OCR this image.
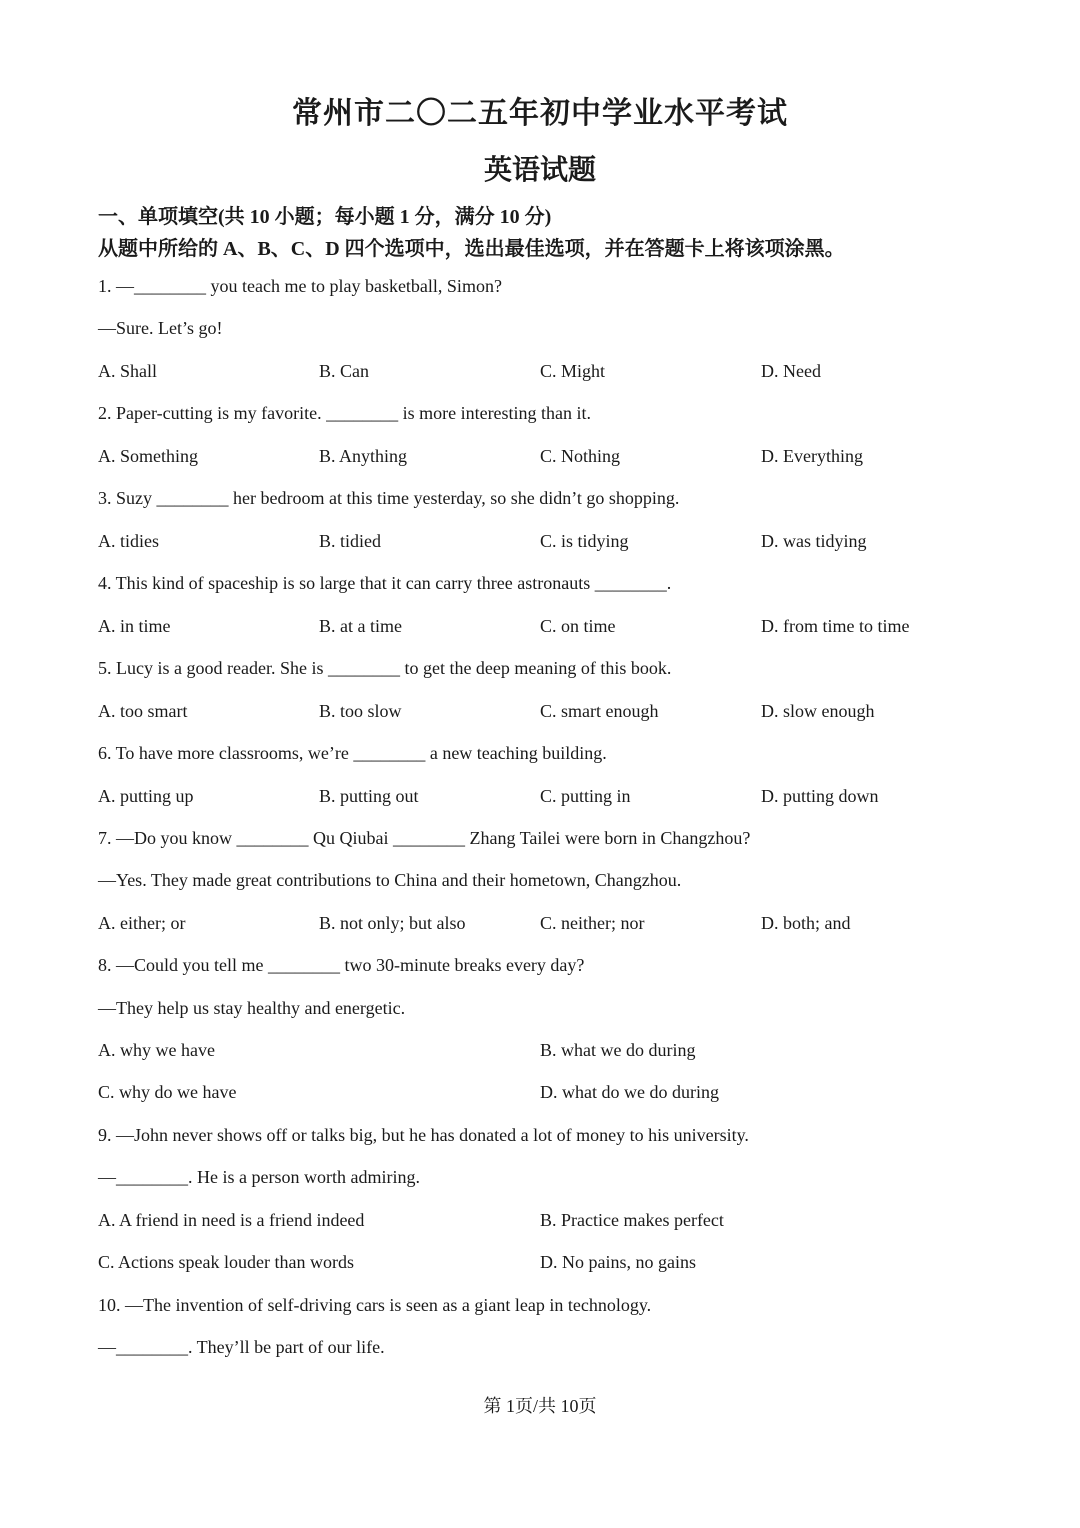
常州市二〇二五年初中学业水平考试
英语试题
一、单项填空(共 10 小题；每小题 1 分，满分 10 分)
从题中所给的 A、B、C、D 四个选项中，选出最佳选项，并在答题卡上将该项涂黑。
1. —________ you teach me to play basketball, Simon?
—Sure. Let’s go!
A. Shall	B. Can	C. Might	D. Need
2. Paper-cutting is my favorite. ________ is more interesting than it.
A. Something	B. Anything	C. Nothing	D. Everything
3. Suzy ________ her bedroom at this time yesterday, so she didn’t go shopping.
A. tidies	B. tidied	C. is tidying	D. was tidying
4. This kind of spaceship is so large that it can carry three astronauts ________.
A. in time	B. at a time	C. on time	D. from time to time
5. Lucy is a good reader. She is ________ to get the deep meaning of this book.
A. too smart	B. too slow	C. smart enough	D. slow enough
6. To have more classrooms, we’re ________ a new teaching building.
A. putting up	B. putting out	C. putting in	D. putting down
7. —Do you know ________ Qu Qiubai ________ Zhang Tailei were born in Changzhou?
—Yes. They made great contributions to China and their hometown, Changzhou.
A. either; or	B. not only; but also	C. neither; nor	D. both; and
8. —Could you tell me ________ two 30-minute breaks every day?
—They help us stay healthy and energetic.
A. why we have	B. what we do during
C. why do we have	D. what do we do during
9. —John never shows off or talks big, but he has donated a lot of money to his university.
—________. He is a person worth admiring.
A. A friend in need is a friend indeed	B. Practice makes perfect
C. Actions speak louder than words	D. No pains, no gains
10. —The invention of self-driving cars is seen as a giant leap in technology.
—________. They’ll be part of our life.
第 1页/共 10页
